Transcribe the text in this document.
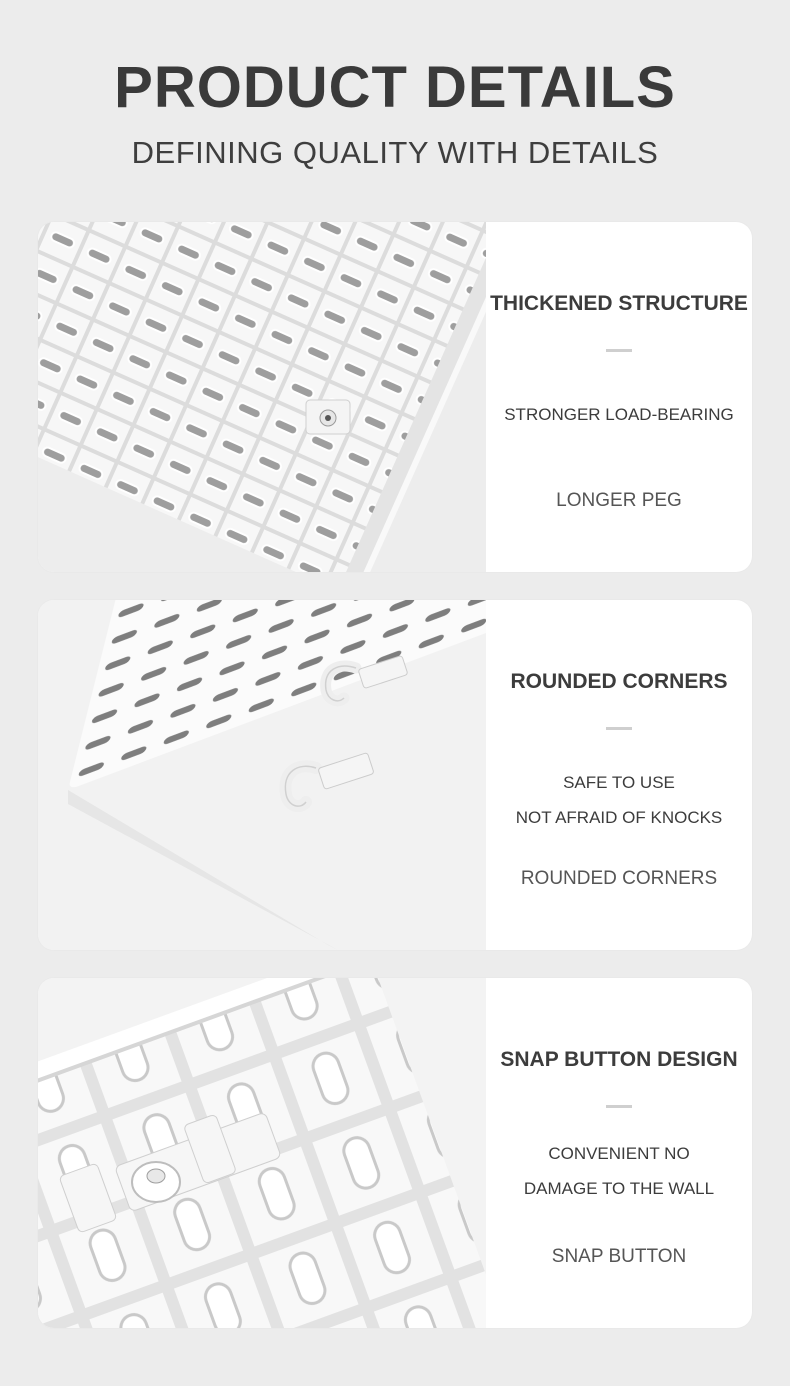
PRODUCT DETAILS
DEFINING QUALITY WITH DETAILS
THICKENED STRUCTURE
STRONGER LOAD-BEARING
LONGER PEG
ROUNDED CORNERS
SAFE TO USE
NOT AFRAID OF KNOCKS
ROUNDED CORNERS
SNAP BUTTON DESIGN
CONVENIENT NO
DAMAGE TO THE WALL
SNAP BUTTON
